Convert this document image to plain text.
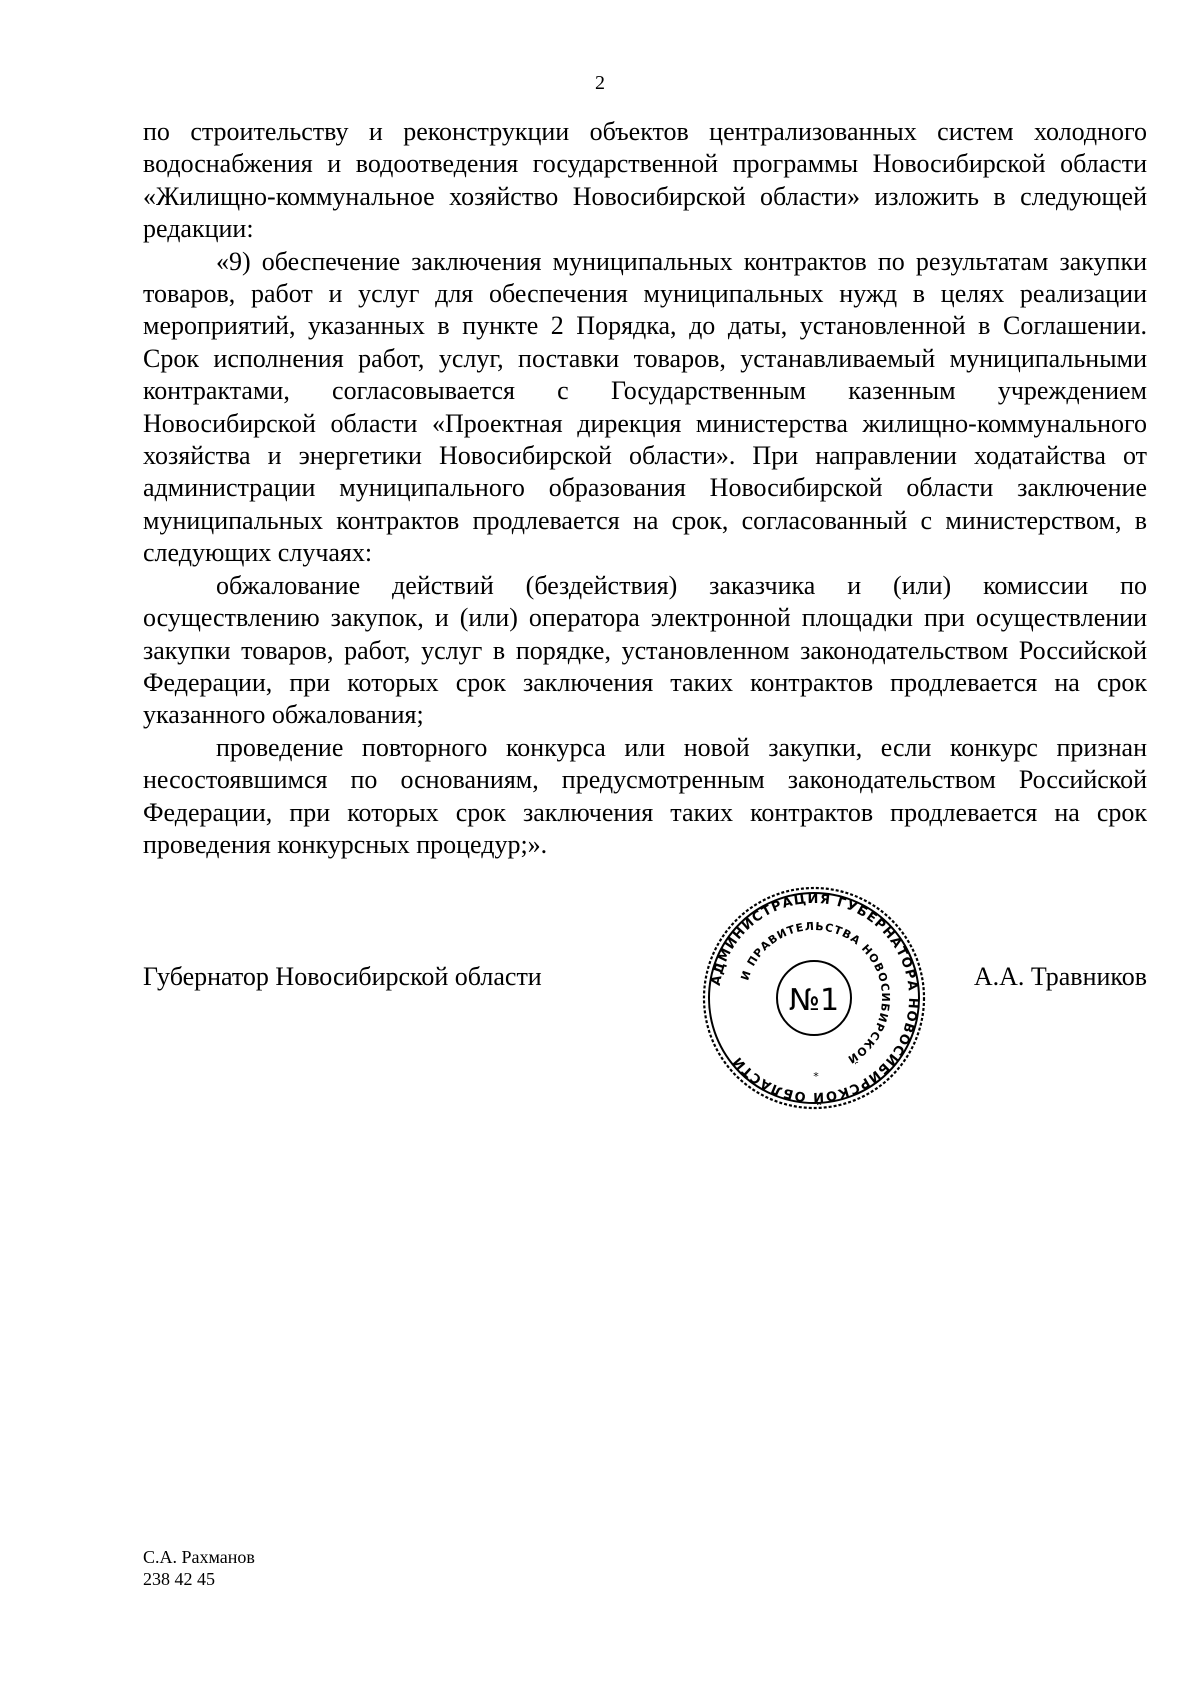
2

по строительству и реконструкции объектов централизованных систем холодного водоснабжения и водоотведения государственной программы Новосибирской области «Жилищно-коммунальное хозяйство Новосибирской области» изложить в следующей редакции:

«9) обеспечение заключения муниципальных контрактов по результатам закупки товаров, работ и услуг для обеспечения муниципальных нужд в целях реализации мероприятий, указанных в пункте 2 Порядка, до даты, установленной в Соглашении. Срок исполнения работ, услуг, поставки товаров, устанавливаемый муниципальными контрактами, согласовывается с Государственным казенным учреждением Новосибирской области «Проектная дирекция министерства жилищно-коммунального хозяйства и энергетики Новосибирской области». При направлении ходатайства от администрации муниципального образования Новосибирской области заключение муниципальных контрактов продлевается на срок, согласованный с министерством, в следующих случаях:

обжалование действий (бездействия) заказчика и (или) комиссии по осуществлению закупок, и (или) оператора электронной площадки при осуществлении закупки товаров, работ, услуг в порядке, установленном законодательством Российской Федерации, при которых срок заключения таких контрактов продлевается на срок указанного обжалования;

проведение повторного конкурса или новой закупки, если конкурс признан несостоявшимся по основаниям, предусмотренным законодательством Российской Федерации, при которых срок заключения таких контрактов продлевается на срок проведения конкурсных процедур;».

Губернатор Новосибирской области	А.А. Травников
АДМИНИСТРАЦИЯ ГУБЕРНАТОРА НОВОСИБИРСКОЙ ОБЛАСТИ
И ПРАВИТЕЛЬСТВА НОВОСИБИРСКОЙ
№1
*
С.А. Рахманов
238 42 45
